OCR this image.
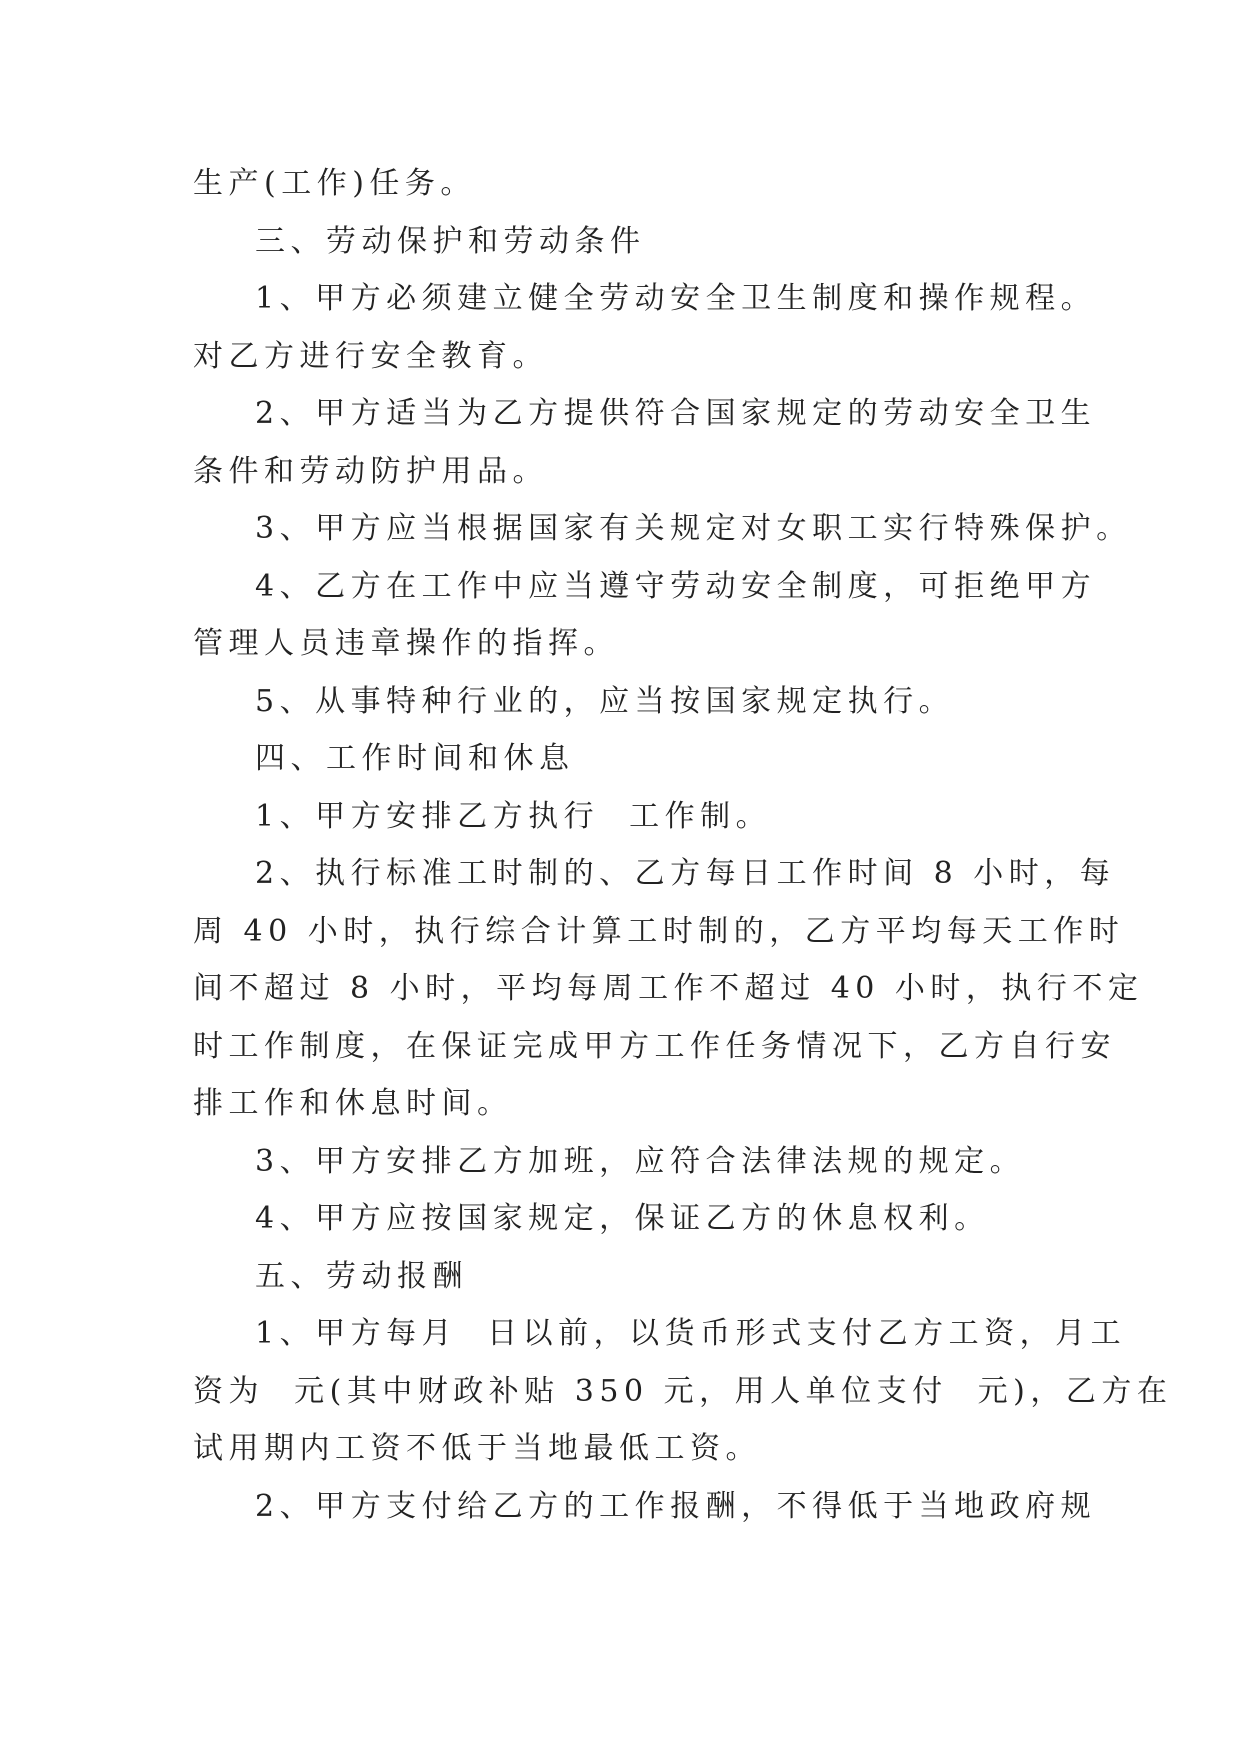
生产(工作)任务。
三、劳动保护和劳动条件
1、甲方必须建立健全劳动安全卫生制度和操作规程。
对乙方进行安全教育。
2、甲方适当为乙方提供符合国家规定的劳动安全卫生
条件和劳动防护用品。
3、甲方应当根据国家有关规定对女职工实行特殊保护。
4、乙方在工作中应当遵守劳动安全制度，可拒绝甲方
管理人员违章操作的指挥。
5、从事特种行业的，应当按国家规定执行。
四、工作时间和休息
1、甲方安排乙方执行  工作制。
2、执行标准工时制的、乙方每日工作时间 8 小时，每
周 40 小时，执行综合计算工时制的，乙方平均每天工作时
间不超过 8 小时，平均每周工作不超过 40 小时，执行不定
时工作制度，在保证完成甲方工作任务情况下，乙方自行安
排工作和休息时间。
3、甲方安排乙方加班，应符合法律法规的规定。
4、甲方应按国家规定，保证乙方的休息权利。
五、劳动报酬
1、甲方每月  日以前，以货币形式支付乙方工资，月工
资为  元(其中财政补贴 350 元，用人单位支付  元)，乙方在
试用期内工资不低于当地最低工资。
2、甲方支付给乙方的工作报酬，不得低于当地政府规
